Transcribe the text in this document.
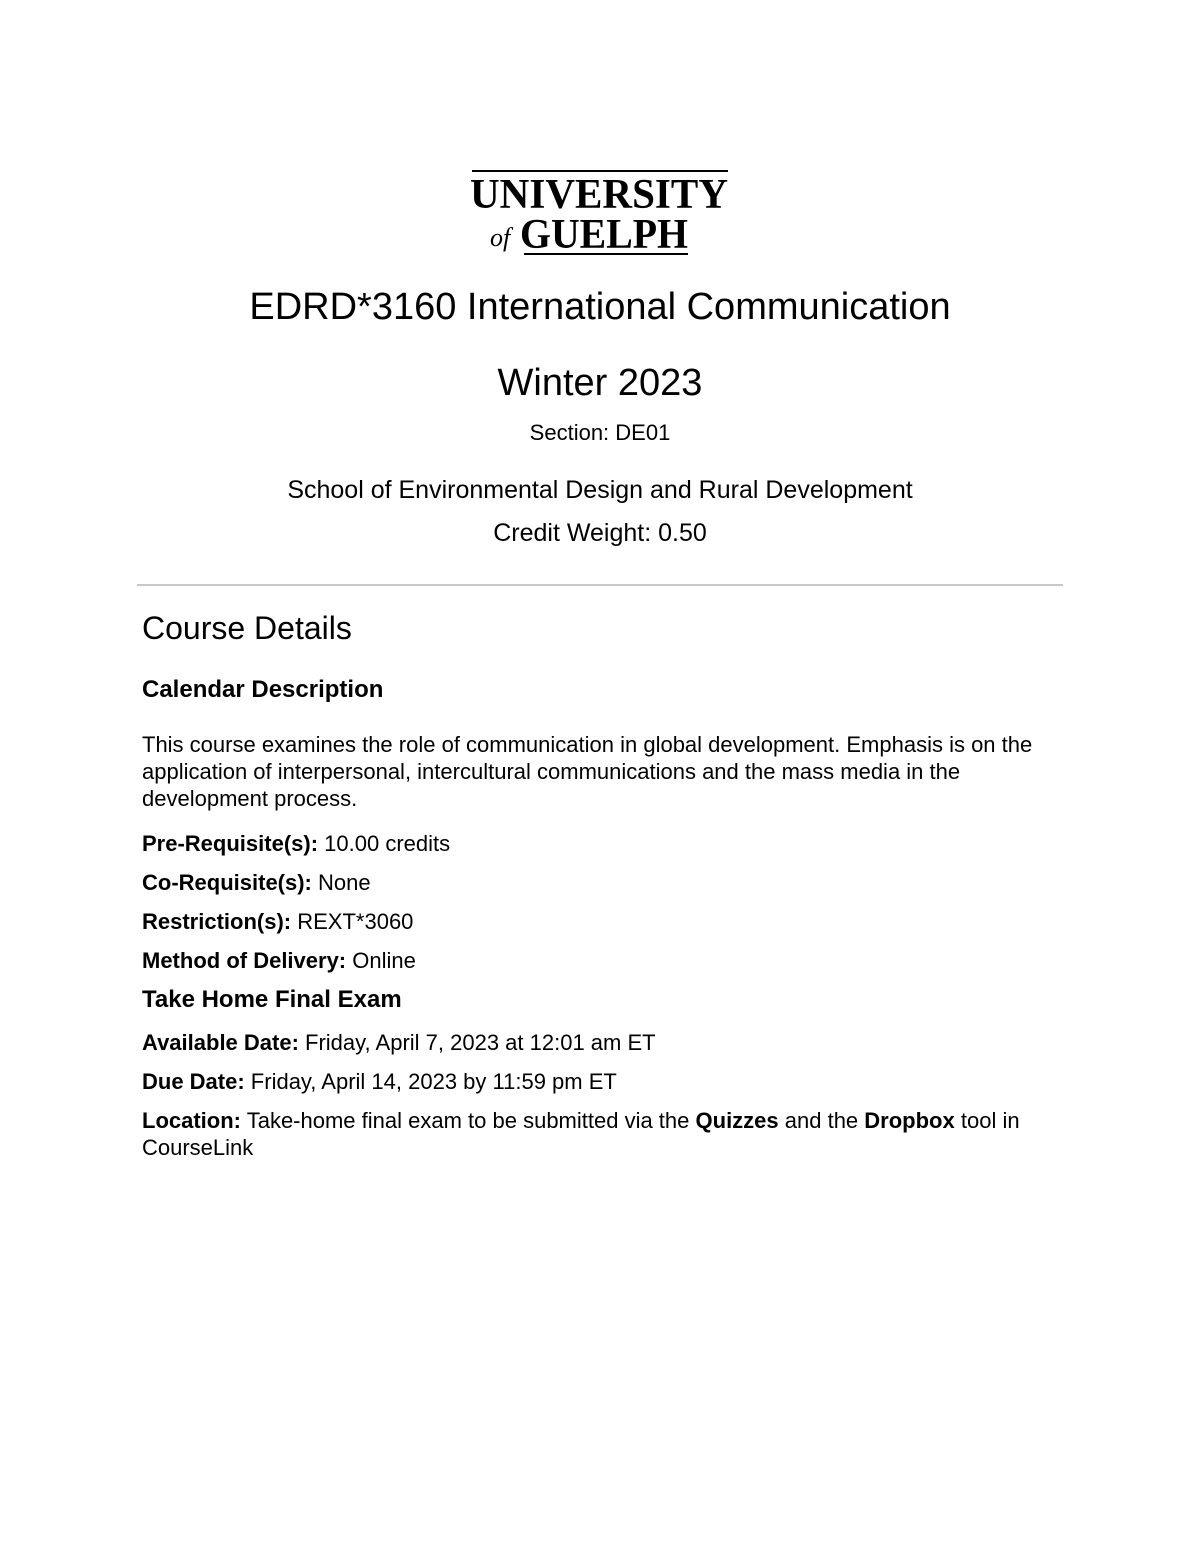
UNIVERSITY
of GUELPH
EDRD*3160 International Communication
Winter 2023
Section: DE01
School of Environmental Design and Rural Development
Credit Weight: 0.50
Course Details
Calendar Description

This course examines the role of communication in global development. Emphasis is on the application of interpersonal, intercultural communications and the mass media in the development process.

Pre-Requisite(s): 10.00 credits

Co-Requisite(s): None

Restriction(s): REXT*3060

Method of Delivery: Online

Take Home Final Exam

Available Date: Friday, April 7, 2023 at 12:01 am ET

Due Date: Friday, April 14, 2023 by 11:59 pm ET

Location: Take-home final exam to be submitted via the Quizzes and the Dropbox tool in CourseLink
